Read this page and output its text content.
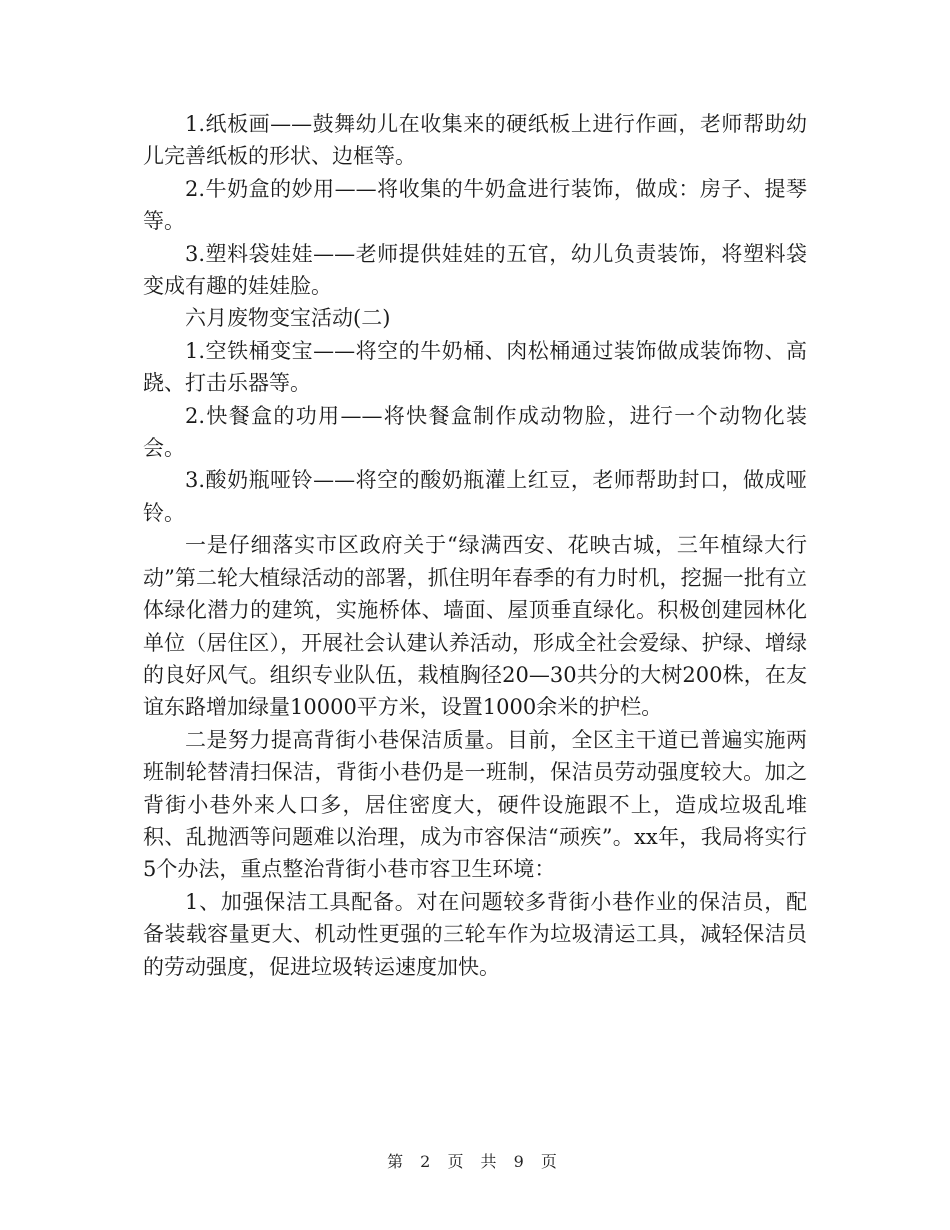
1.纸板画——鼓舞幼儿在收集来的硬纸板上进行作画，老师帮助幼儿完善纸板的形状、边框等。

2.牛奶盒的妙用——将收集的牛奶盒进行装饰，做成：房子、提琴等。

3.塑料袋娃娃——老师提供娃娃的五官，幼儿负责装饰，将塑料袋变成有趣的娃娃脸。

六月废物变宝活动(二)

1.空铁桶变宝——将空的牛奶桶、肉松桶通过装饰做成装饰物、高跷、打击乐器等。

2.快餐盒的功用——将快餐盒制作成动物脸，进行一个动物化装会。

3.酸奶瓶哑铃——将空的酸奶瓶灌上红豆，老师帮助封口，做成哑铃。

一是仔细落实市区政府关于“绿满西安、花映古城，三年植绿大行动”第二轮大植绿活动的部署，抓住明年春季的有力时机，挖掘一批有立体绿化潜力的建筑，实施桥体、墙面、屋顶垂直绿化。积极创建园林化单位（居住区），开展社会认建认养活动，形成全社会爱绿、护绿、增绿的良好风气。组织专业队伍，栽植胸径20—30共分的大树200株，在友谊东路增加绿量10000平方米，设置1000余米的护栏。

二是努力提高背街小巷保洁质量。目前，全区主干道已普遍实施两班制轮替清扫保洁，背街小巷仍是一班制，保洁员劳动强度较大。加之背街小巷外来人口多，居住密度大，硬件设施跟不上，造成垃圾乱堆积、乱抛洒等问题难以治理，成为市容保洁“顽疾”。xx年，我局将实行5个办法，重点整治背街小巷市容卫生环境：

1、加强保洁工具配备。对在问题较多背街小巷作业的保洁员，配备装载容量更大、机动性更强的三轮车作为垃圾清运工具，减轻保洁员的劳动强度，促进垃圾转运速度加快。

第 2 页 共 9 页
